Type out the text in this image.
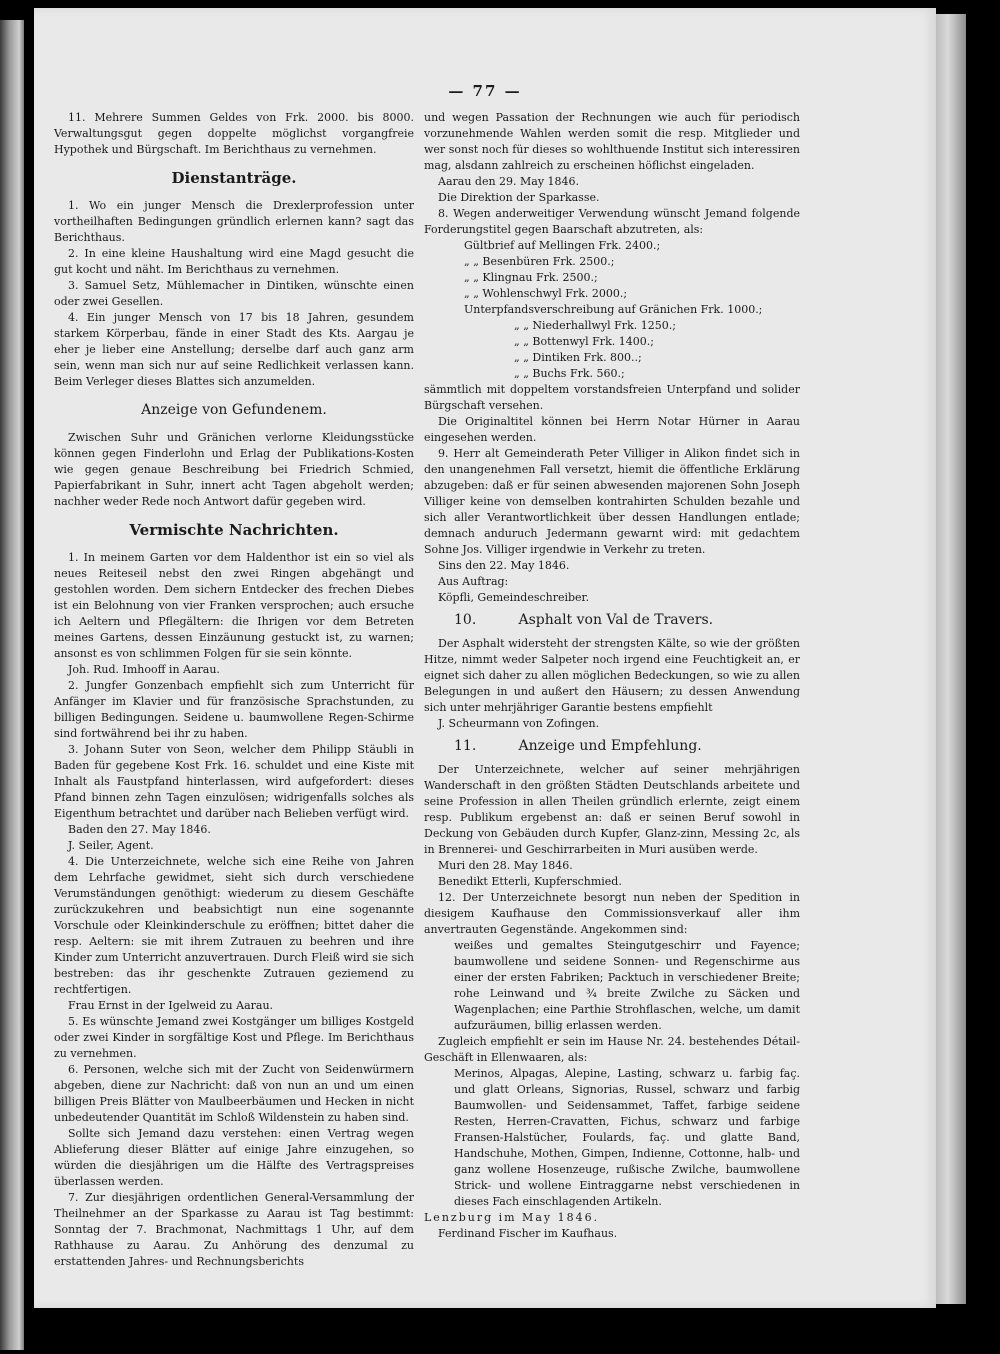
— 77 —

11. Mehrere Summen Geldes von Frk. 2000. bis 8000. Verwaltungsgut gegen doppelte möglichst vorgangfreie Hypothek und Bürgschaft. Im Berichthaus zu vernehmen.

Dienstanträge.

1. Wo ein junger Mensch die Drexlerprofession unter vortheilhaften Bedingungen gründlich erlernen kann? sagt das Berichthaus.

2. In eine kleine Haushaltung wird eine Magd gesucht die gut kocht und näht. Im Berichthaus zu vernehmen.

3. Samuel Setz, Mühlemacher in Dintiken, wünschte einen oder zwei Gesellen.

4. Ein junger Mensch von 17 bis 18 Jahren, gesundem starkem Körperbau, fände in einer Stadt des Kts. Aargau je eher je lieber eine Anstellung; derselbe darf auch ganz arm sein, wenn man sich nur auf seine Redlichkeit verlassen kann. Beim Verleger dieses Blattes sich anzumelden.

Anzeige von Gefundenem.

Zwischen Suhr und Gränichen verlorne Kleidungsstücke können gegen Finderlohn und Erlag der Publikations-Kosten wie gegen genaue Beschreibung bei Friedrich Schmied, Papierfabrikant in Suhr, innert acht Tagen abgeholt werden; nachher weder Rede noch Antwort dafür gegeben wird.

Vermischte Nachrichten.

1. In meinem Garten vor dem Haldenthor ist ein so viel als neues Reiteseil nebst den zwei Ringen abgehängt und gestohlen worden. Dem sichern Entdecker des frechen Diebes ist ein Belohnung von vier Franken versprochen; auch ersuche ich Aeltern und Pflegältern: die Ihrigen vor dem Betreten meines Gartens, dessen Einzäunung gestuckt ist, zu warnen; ansonst es von schlimmen Folgen für sie sein könnte.

Joh. Rud. Imhooff in Aarau.

2. Jungfer Gonzenbach empfiehlt sich zum Unterricht für Anfänger im Klavier und für französische Sprachstunden, zu billigen Bedingungen. Seidene u. baumwollene Regen-Schirme sind fortwährend bei ihr zu haben.

3. Johann Suter von Seon, welcher dem Philipp Stäubli in Baden für gegebene Kost Frk. 16. schuldet und eine Kiste mit Inhalt als Faustpfand hinterlassen, wird aufgefordert: dieses Pfand binnen zehn Tagen einzulösen; widrigenfalls solches als Eigenthum betrachtet und darüber nach Belieben verfügt wird.

Baden den 27. May 1846.

J. Seiler, Agent.

4. Die Unterzeichnete, welche sich eine Reihe von Jahren dem Lehrfache gewidmet, sieht sich durch verschiedene Verumständungen genöthigt: wiederum zu diesem Geschäfte zurückzukehren und beabsichtigt nun eine sogenannte Vorschule oder Kleinkinderschule zu eröffnen; bittet daher die resp. Aeltern: sie mit ihrem Zutrauen zu beehren und ihre Kinder zum Unterricht anzuvertrauen. Durch Fleiß wird sie sich bestreben: das ihr geschenkte Zutrauen geziemend zu rechtfertigen.

Frau Ernst in der Igelweid zu Aarau.

5. Es wünschte Jemand zwei Kostgänger um billiges Kostgeld oder zwei Kinder in sorgfältige Kost und Pflege. Im Berichthaus zu vernehmen.

6. Personen, welche sich mit der Zucht von Seidenwürmern abgeben, diene zur Nachricht: daß von nun an und um einen billigen Preis Blätter von Maulbeerbäumen und Hecken in nicht unbedeutender Quantität im Schloß Wildenstein zu haben sind.

Sollte sich Jemand dazu verstehen: einen Vertrag wegen Ablieferung dieser Blätter auf einige Jahre einzugehen, so würden die diesjährigen um die Hälfte des Vertragspreises überlassen werden.

7. Zur diesjährigen ordentlichen General-Versammlung der Theilnehmer an der Sparkasse zu Aarau ist Tag bestimmt: Sonntag der 7. Brachmonat, Nachmittags 1 Uhr, auf dem Rathhause zu Aarau. Zu Anhörung des denzumal zu erstattenden Jahres- und Rechnungsberichts

und wegen Passation der Rechnungen wie auch für periodisch vorzunehmende Wahlen werden somit die resp. Mitglieder und wer sonst noch für dieses so wohlthuende Institut sich interessiren mag, alsdann zahlreich zu erscheinen höflichst eingeladen.

Aarau den 29. May 1846.

Die Direktion der Sparkasse.

8. Wegen anderweitiger Verwendung wünscht Jemand folgende Forderungstitel gegen Baarschaft abzutreten, als:

Gültbrief auf Mellingen Frk. 2400.;

„ „ Besenbüren Frk. 2500.;

„ „ Klingnau Frk. 2500.;

„ „ Wohlenschwyl Frk. 2000.;

Unterpfandsverschreibung auf Gränichen Frk. 1000.;

„ „ Niederhallwyl Frk. 1250.;

„ „ Bottenwyl Frk. 1400.;

„ „ Dintiken Frk. 800..;

„ „ Buchs Frk. 560.;

sämmtlich mit doppeltem vorstandsfreien Unterpfand und solider Bürgschaft versehen.

Die Originaltitel können bei Herrn Notar Hürner in Aarau eingesehen werden.

9. Herr alt Gemeinderath Peter Villiger in Alikon findet sich in den unangenehmen Fall versetzt, hiemit die öffentliche Erklärung abzugeben: daß er für seinen abwesenden majorenen Sohn Joseph Villiger keine von demselben kontrahirten Schulden bezahle und sich aller Verantwortlichkeit über dessen Handlungen entlade; demnach anduruch Jedermann gewarnt wird: mit gedachtem Sohne Jos. Villiger irgendwie in Verkehr zu treten.

Sins den 22. May 1846.

Aus Auftrag:

Köpfli, Gemeindeschreiber.

10.	Asphalt von Val de Travers.

Der Asphalt widersteht der strengsten Kälte, so wie der größten Hitze, nimmt weder Salpeter noch irgend eine Feuchtigkeit an, er eignet sich daher zu allen möglichen Bedeckungen, so wie zu allen Belegungen in und außert den Häusern; zu dessen Anwendung sich unter mehrjähriger Garantie bestens empfiehlt

J. Scheurmann von Zofingen.

11.	Anzeige und Empfehlung.

Der Unterzeichnete, welcher auf seiner mehrjährigen Wanderschaft in den größten Städten Deutschlands arbeitete und seine Profession in allen Theilen gründlich erlernte, zeigt einem resp. Publikum ergebenst an: daß er seinen Beruf sowohl in Deckung von Gebäuden durch Kupfer, Glanz-zinn, Messing 2c, als in Brennerei- und Geschirrarbeiten in Muri ausüben werde.

Muri den 28. May 1846.

Benedikt Etterli, Kupferschmied.

12. Der Unterzeichnete besorgt nun neben der Spedition in diesigem Kaufhause den Commissionsverkauf aller ihm anvertrauten Gegenstände. Angekommen sind:

weißes und gemaltes Steingutgeschirr und Fayence; baumwollene und seidene Sonnen- und Regenschirme aus einer der ersten Fabriken; Packtuch in verschiedener Breite; rohe Leinwand und ¾ breite Zwilche zu Säcken und Wagenplachen; eine Parthie Strohflaschen, welche, um damit aufzuräumen, billig erlassen werden.

Zugleich empfiehlt er sein im Hause Nr. 24. bestehendes Détail-Geschäft in Ellenwaaren, als:

Merinos, Alpagas, Alepine, Lasting, schwarz u. farbig faç. und glatt Orleans, Signorias, Russel, schwarz und farbig Baumwollen- und Seidensammet, Taffet, farbige seidene Resten, Herren-Cravatten, Fichus, schwarz und farbige Fransen-Halstücher, Foulards, faç. und glatte Band, Handschuhe, Mothen, Gimpen, Indienne, Cottonne, halb- und ganz wollene Hosenzeuge, rußische Zwilche, baumwollene Strick- und wollene Eintraggarne nebst verschiedenen in dieses Fach einschlagenden Artikeln.

Lenzburg im May 1846.

Ferdinand Fischer im Kaufhaus.
